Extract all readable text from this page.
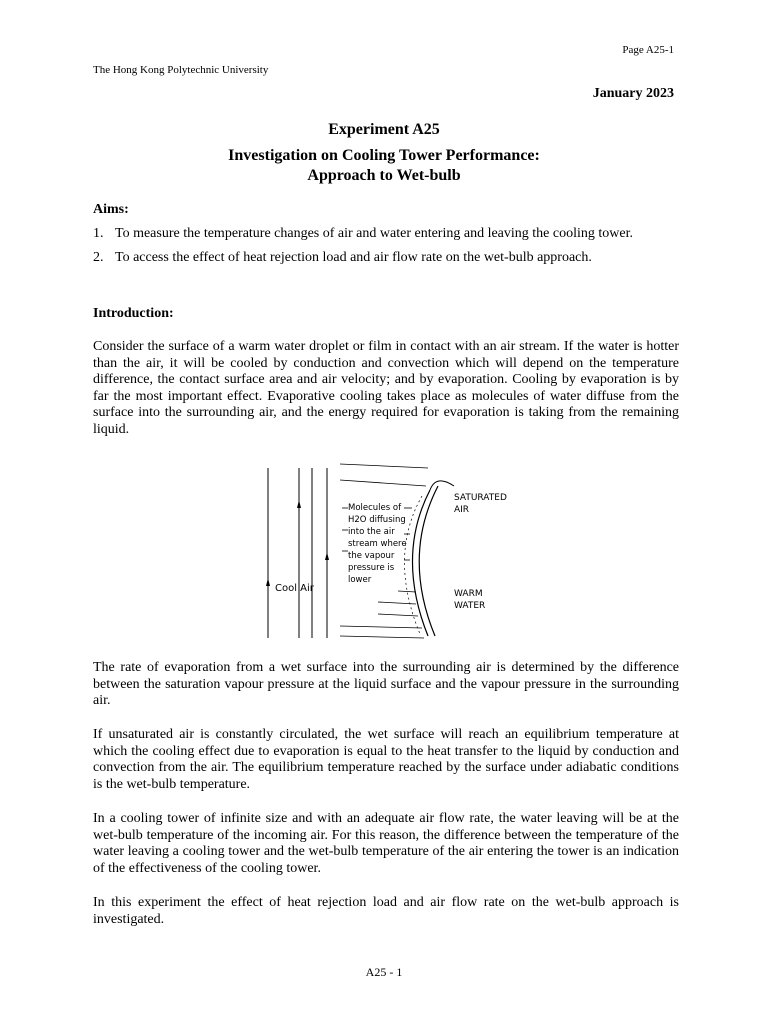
Page A25-1
The Hong Kong Polytechnic University
January 2023
Experiment A25
Investigation on Cooling Tower Performance:
Approach to Wet-bulb
Aims:
1. To measure the temperature changes of air and water entering and leaving the cooling tower.
2. To access the effect of heat rejection load and air flow rate on the wet-bulb approach.
Introduction:
Consider the surface of a warm water droplet or film in contact with an air stream. If the water is hotter than the air, it will be cooled by conduction and convection which will depend on the temperature difference, the contact surface area and air velocity; and by evaporation. Cooling by evaporation is by far the most important effect. Evaporative cooling takes place as molecules of water diffuse from the surface into the surrounding air, and the energy required for evaporation is taking from the remaining liquid.
Molecules of
H2O diffusing
into the air
stream where
the vapour
pressure is
lower
Cool Air
SATURATED
AIR
WARM
WATER
The rate of evaporation from a wet surface into the surrounding air is determined by the difference between the saturation vapour pressure at the liquid surface and the vapour pressure in the surrounding air.
If unsaturated air is constantly circulated, the wet surface will reach an equilibrium temperature at which the cooling effect due to evaporation is equal to the heat transfer to the liquid by conduction and convection from the air. The equilibrium temperature reached by the surface under adiabatic conditions is the wet-bulb temperature.
In a cooling tower of infinite size and with an adequate air flow rate, the water leaving will be at the wet-bulb temperature of the incoming air. For this reason, the difference between the temperature of the water leaving a cooling tower and the wet-bulb temperature of the air entering the tower is an indication of the effectiveness of the cooling tower.
In this experiment the effect of heat rejection load and air flow rate on the wet-bulb approach is investigated.
A25 - 1
